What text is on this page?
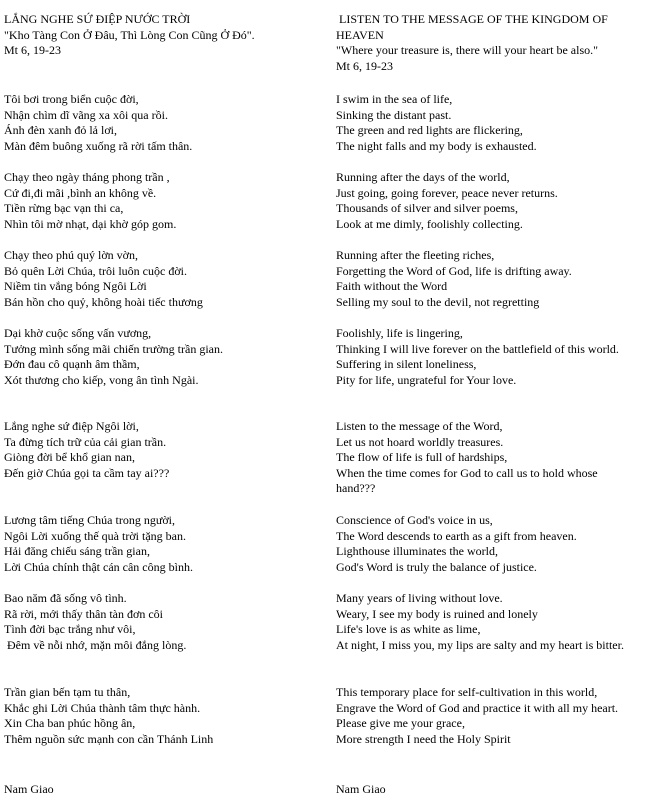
LẮNG NGHE SỨ ĐIỆP NƯỚC TRỜI
"Kho Tàng Con Ở Đâu, Thì Lòng Con Cũng Ở Đó".
Mt 6, 19-23

Tôi bơi trong biển cuộc đời,
Nhận chìm dĩ vãng xa xôi qua rồi.
Ánh đèn xanh đỏ lả lơi,
Màn đêm buông xuống rã rời tấm thân.

Chạy theo ngày tháng phong trần ,
Cứ đi,đi mãi ,bình an không về.
Tiền rừng bạc vạn thi ca,
Nhìn tôi mờ nhạt, dại khờ góp gom.

Chạy theo phú quý lờn vờn,
Bỏ quên Lời Chúa, trôi luôn cuộc đời.
Niềm tin vắng bóng Ngôi Lời
Bán hồn cho quỷ, không hoài tiếc thương

Dại khờ cuộc sống vấn vương,
Tưởng mình sống mãi chiến trường trần gian.
Đớn đau cô quạnh âm thầm,
Xót thương cho kiếp, vong ân tình Ngài.

Lắng nghe sứ điệp Ngôi lời,
Ta đừng tích trữ của cải gian trần.
Giòng đời bể khổ gian nan,
Đến giờ Chúa gọi ta cầm tay ai???

Lương tâm tiếng Chúa trong người,
Ngôi Lời xuống thế quà trời tặng ban.
Hải đăng chiếu sáng trần gian,
Lời Chúa chính thật cán cân công bình.

Bao năm đã sống vô tình.
Rã rời, mới thấy thân tàn đơn côi
Tình đời bạc trắng như vôi,
Đêm về nỗi nhớ, mặn môi đắng lòng.

Trần gian bến tạm tu thân,
Khắc ghi Lời Chúa thành tâm thực hành.
Xin Cha ban phúc hồng ân,
Thêm nguồn sức mạnh con cần Thánh Linh

LISTEN TO THE MESSAGE OF THE KINGDOM OF HEAVEN
"Where your treasure is, there will your heart be also."
Mt 6, 19-23

I swim in the sea of life,
Sinking the distant past.
The green and red lights are flickering,
The night falls and my body is exhausted.

Running after the days of the world,
Just going, going forever, peace never returns.
Thousands of silver and silver poems,
Look at me dimly, foolishly collecting.

Running after the fleeting riches,
Forgetting the Word of God, life is drifting away.
Faith without the Word
Selling my soul to the devil, not regretting

Foolishly, life is lingering,
Thinking I will live forever on the battlefield of this world.
Suffering in silent loneliness,
Pity for life, ungrateful for Your love.

Listen to the message of the Word,
Let us not hoard worldly treasures.
The flow of life is full of hardships,
When the time comes for God to call us to hold whose hand???

Conscience of God's voice in us,
The Word descends to earth as a gift from heaven.
Lighthouse illuminates the world,
God's Word is truly the balance of justice.

Many years of living without love.
Weary, I see my body is ruined and lonely
Life's love is as white as lime,
At night, I miss you, my lips are salty and my heart is bitter.

This temporary place for self-cultivation in this world,
Engrave the Word of God and practice it with all my heart.
Please give me your grace,
More strength I need the Holy Spirit

Nam Giao	Nam Giao
